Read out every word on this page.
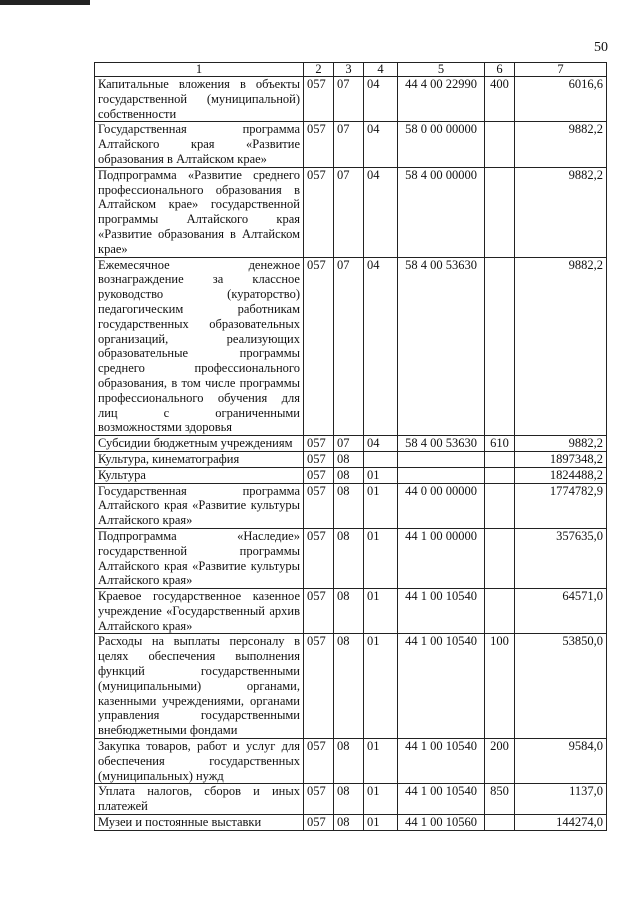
50
1	2	3	4	5	6	7
Капитальные вложения в объекты государственной (муниципальной) собственности	057	07	04	44 4 00 22990	400	6016,6
Государственная программа Алтайского края «Развитие образования в Алтайском крае»	057	07	04	58 0 00 00000		9882,2
Подпрограмма «Развитие среднего профессионального образования в Алтайском крае» государственной программы Алтайского края «Развитие образования в Алтайском крае»	057	07	04	58 4 00 00000		9882,2
Ежемесячное денежное вознаграждение за классное руководство (кураторство) педагогическим работникам государственных образовательных организаций, реализующих образовательные программы среднего профессионального образования, в том числе программы профессионального обучения для лиц с ограниченными возможностями здоровья	057	07	04	58 4 00 53630		9882,2
Субсидии бюджетным учреждениям	057	07	04	58 4 00 53630	610	9882,2
Культура, кинематография	057	08				1897348,2
Культура	057	08	01			1824488,2
Государственная программа Алтайского края «Развитие культуры Алтайского края»	057	08	01	44 0 00 00000		1774782,9
Подпрограмма «Наследие» государственной программы Алтайского края «Развитие культуры Алтайского края»	057	08	01	44 1 00 00000		357635,0
Краевое государственное казенное учреждение «Государственный архив Алтайского края»	057	08	01	44 1 00 10540		64571,0
Расходы на выплаты персоналу в целях обеспечения выполнения функций государственными (муниципальными) органами, казенными учреждениями, органами управления государственными внебюджетными фондами	057	08	01	44 1 00 10540	100	53850,0
Закупка товаров, работ и услуг для обеспечения государственных (муниципальных) нужд	057	08	01	44 1 00 10540	200	9584,0
Уплата налогов, сборов и иных платежей	057	08	01	44 1 00 10540	850	1137,0
Музеи и постоянные выставки	057	08	01	44 1 00 10560		144274,0
